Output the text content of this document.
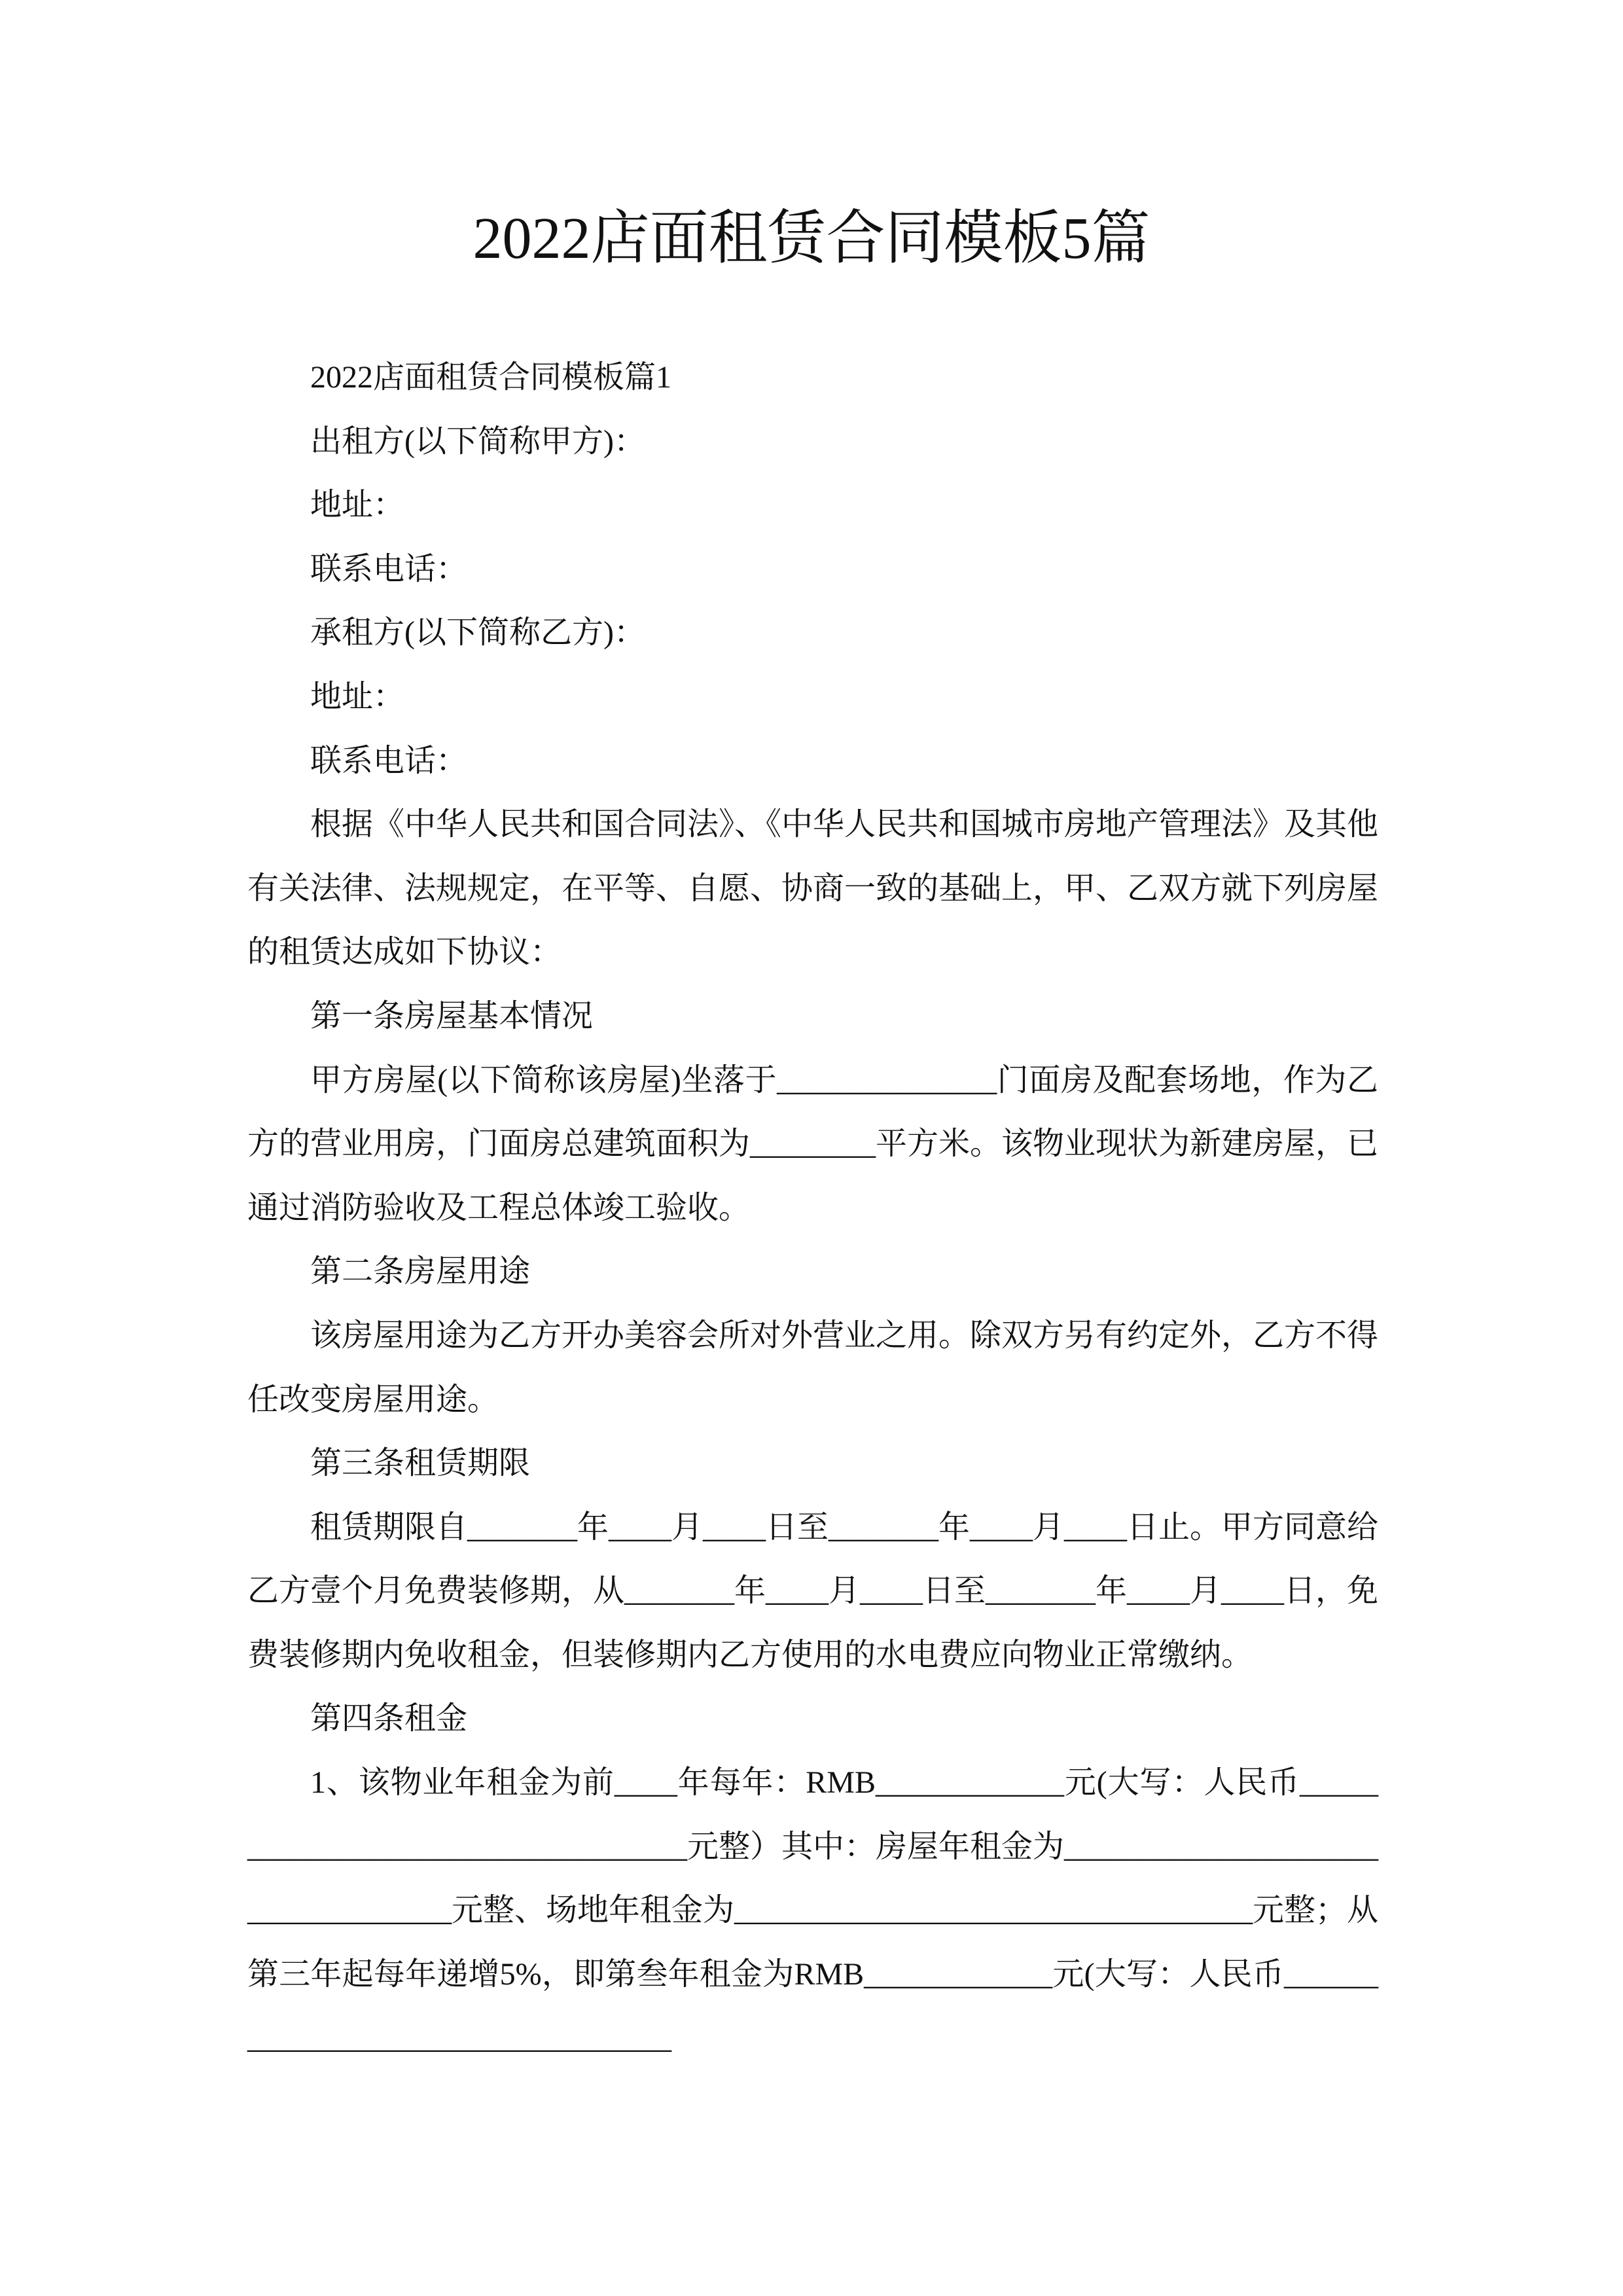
2022店面租赁合同模板5篇

2022店面租赁合同模板篇1

出租方(以下简称甲方)：

地址：

联系电话：

承租方(以下简称乙方)：

地址：

联系电话：

根据《中华人民共和国合同法》、《中华人民共和国城市房地产管理法》及其他有关法律、法规规定，在平等、自愿、协商一致的基础上，甲、乙双方就下列房屋的租赁达成如下协议：

第一条房屋基本情况

甲方房屋(以下简称该房屋)坐落于______________门面房及配套场地，作为乙方的营业用房，门面房总建筑面积为________平方米。该物业现状为新建房屋，已通过消防验收及工程总体竣工验收。

第二条房屋用途

该房屋用途为乙方开办美容会所对外营业之用。除双方另有约定外，乙方不得任改变房屋用途。

第三条租赁期限

租赁期限自_______年____月____日至_______年____月____日止。甲方同意给乙方壹个月免费装修期，从_______年____月____日至_______年____月____日，免费装修期内免收租金，但装修期内乙方使用的水电费应向物业正常缴纳。

第四条租金

1、该物业年租金为前____年每年：RMB____________元(大写：人民币_________________________________元整）其中：房屋年租金为_________________________________元整、场地年租金为_________________________________元整；从第三年起每年递增5%，即第叁年租金为RMB____________元(大写：人民币_________________________________
